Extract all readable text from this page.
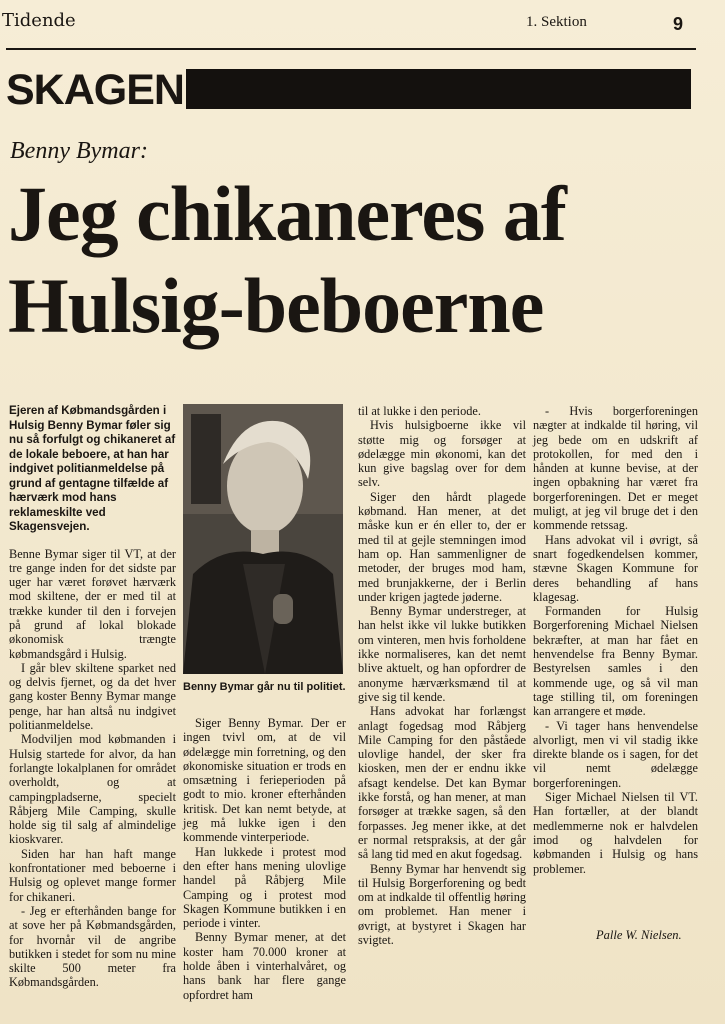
Tidende	1. Sektion	9
SKAGEN
Benny Bymar:
Jeg chikaneres af Hulsig-beboerne
Ejeren af Købmandsgården i Hulsig Benny Bymar føler sig nu så forfulgt og chikaneret af de lokale beboere, at han har indgivet politianmeldelse på grund af gentagne tilfælde af hærværk mod hans reklameskilte ved Skagensvejen.

Benne Bymar siger til VT, at der tre gange inden for det sidste par uger har været forøvet hærværk mod skiltene, der er med til at trække kunder til den i forvejen på grund af lokal blokade økonomisk trængte købmandsgård i Hulsig.

I går blev skiltene sparket ned og delvis fjernet, og da det hver gang koster Benny Bymar mange penge, har han altså nu indgivet politianmeldelse.

Modviljen mod købmanden i Hulsig startede for alvor, da han forlangte lokalplanen for området overholdt, og at campingpladserne, specielt Råbjerg Mile Camping, skulle holde sig til salg af almindelige kioskvarer.

Siden har han haft mange konfrontationer med beboerne i Hulsig og oplevet mange former for chikaneri.

- Jeg er efterhånden bange for at sove her på Købmandsgården, for hvornår vil de angribe butikken i stedet for som nu mine skilte 500 meter fra Købmandsgården.

Benny Bymar går nu til politiet.

Siger Benny Bymar. Der er ingen tvivl om, at de vil ødelægge min forretning, og den økonomiske situation er trods en omsætning i ferieperioden på godt to mio. kroner efterhånden kritisk. Det kan nemt betyde, at jeg må lukke igen i den kommende vinterperiode.

Han lukkede i protest mod den efter hans mening ulovlige handel på Råbjerg Mile Camping og i protest mod Skagen Kommune butikken i en periode i vinter.

Benny Bymar mener, at det koster ham 70.000 kroner at holde åben i vinterhalvåret, og hans bank har flere gange opfordret ham

til at lukke i den periode.

Hvis hulsigboerne ikke vil støtte mig og forsøger at ødelægge min økonomi, kan det kun give bagslag over for dem selv.

Siger den hårdt plagede købmand. Han mener, at det måske kun er én eller to, der er med til at gejle stemningen imod ham op. Han sammenligner de metoder, der bruges mod ham, med brunjakkerne, der i Berlin under krigen jagtede jøderne.

Benny Bymar understreger, at han helst ikke vil lukke butikken om vinteren, men hvis forholdene ikke normaliseres, kan det nemt blive aktuelt, og han opfordrer de anonyme hærværksmænd til at give sig til kende.

Hans advokat har forlængst anlagt fogedsag mod Råbjerg Mile Camping for den påståede ulovlige handel, der sker fra kiosken, men der er endnu ikke afsagt kendelse. Det kan Bymar ikke forstå, og han mener, at man forsøger at trække sagen, så den forpasses. Jeg mener ikke, at det er normal retspraksis, at der går så lang tid med en akut fogedsag.

Benny Bymar har henvendt sig til Hulsig Borgerforening og bedt om at indkalde til offentlig høring om problemet. Han mener i øvrigt, at bystyret i Skagen har svigtet.

- Hvis borgerforeningen nægter at indkalde til høring, vil jeg bede om en udskrift af protokollen, for med den i hånden at kunne bevise, at der ingen opbakning har været fra borgerforeningen. Det er meget muligt, at jeg vil bruge det i den kommende retssag.

Hans advokat vil i øvrigt, så snart fogedkendelsen kommer, stævne Skagen Kommune for deres behandling af hans klagesag.

Formanden for Hulsig Borgerforening Michael Nielsen bekræfter, at man har fået en henvendelse fra Benny Bymar. Bestyrelsen samles i den kommende uge, og så vil man tage stilling til, om foreningen kan arrangere et møde.

- Vi tager hans henvendelse alvorligt, men vi vil stadig ikke direkte blande os i sagen, for det vil nemt ødelægge borgerforeningen.

Siger Michael Nielsen til VT. Han fortæller, at der blandt medlemmerne nok er halvdelen imod og halvdelen for købmanden i Hulsig og hans problemer.

Palle W. Nielsen.
